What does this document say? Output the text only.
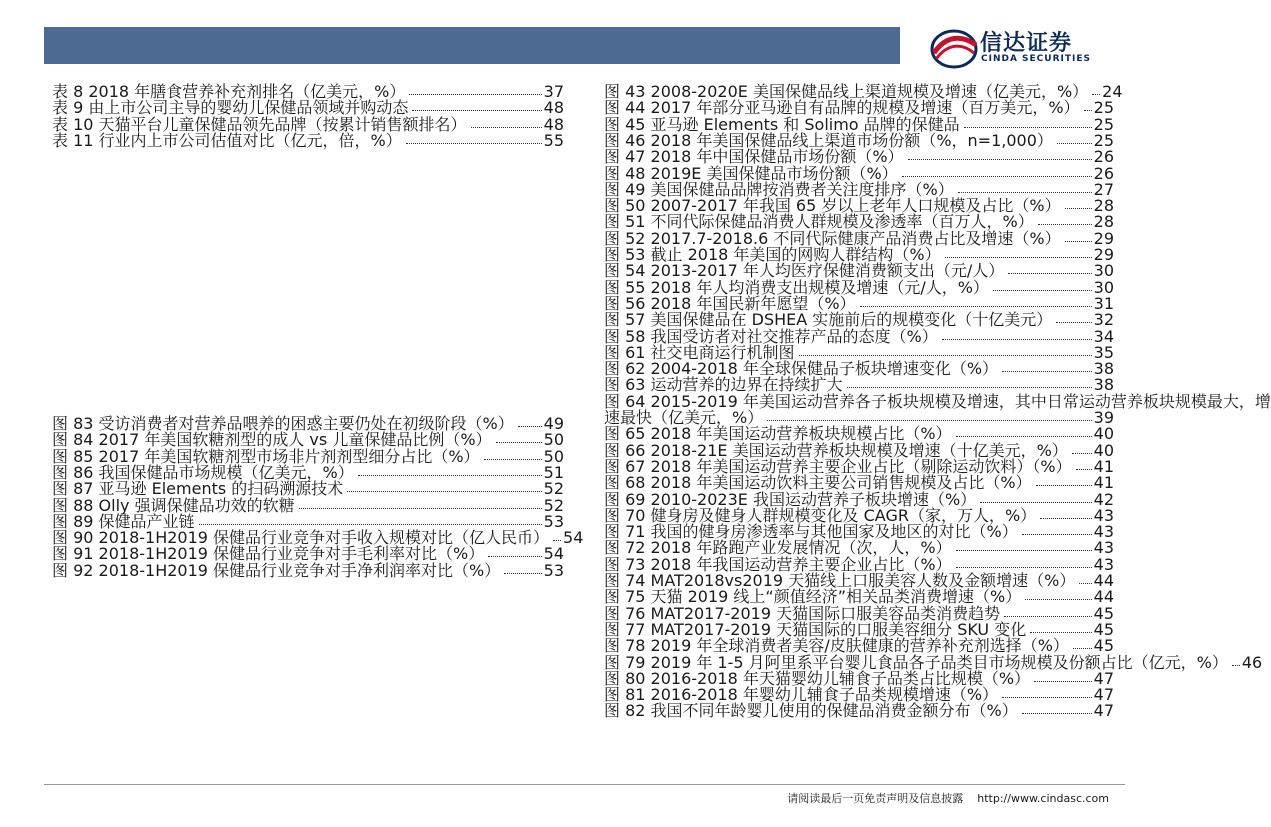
信达证券
CINDA SECURITIES
表 8 2018 年膳食营养补充剂排名（亿美元，%）	37
表 9 由上市公司主导的婴幼儿保健品领域并购动态	48
表 10 天猫平台儿童保健品领先品牌（按累计销售额排名）	48
表 11 行业内上市公司估值对比（亿元，倍，%）	55
图 83 受访消费者对营养品喂养的困惑主要仍处在初级阶段（%） 49
图 84 2017 年美国软糖剂型的成人 vs 儿童保健品比例（%）	50
图 85 2017 年美国软糖剂型市场非片剂剂型细分占比（%）	50
图 86 我国保健品市场规模（亿美元，%）	51
图 87 亚马逊 Elements 的扫码溯源技术	52
图 88 Olly 强调保健品功效的软糖	52
图 89 保健品产业链	53
图 90 2018-1H2019 保健品行业竞争对手收入规模对比（亿人民币） 54
图 91 2018-1H2019 保健品行业竞争对手毛利率对比（%）	54
图 92 2018-1H2019 保健品行业竞争对手净利润率对比（%）	53
图 43 2008-2020E 美国保健品线上渠道规模及增速（亿美元，%） 24
图 44 2017 年部分亚马逊自有品牌的规模及增速（百万美元，%） 25
图 45 亚马逊 Elements 和 Solimo 品牌的保健品	25
图 46 2018 年美国保健品线上渠道市场份额（%，n=1,000）	25
图 47 2018 年中国保健品市场份额（%）	26
图 48 2019E 美国保健品市场份额（%）	26
图 49 美国保健品品牌按消费者关注度排序（%）	27
图 50 2007-2017 年我国 65 岁以上老年人口规模及占比（%） 28
图 51 不同代际保健品消费人群规模及渗透率（百万人，%）	28
图 52 2017.7-2018.6 不同代际健康产品消费占比及增速（%） 29
图 53 截止 2018 年美国的网购人群结构（%）	29
图 54 2013-2017 年人均医疗保健消费额支出（元/人）	30
图 55 2018 年人均消费支出规模及增速（元/人，%）	30
图 56 2018 年国民新年愿望（%）	31
图 57 美国保健品在 DSHEA 实施前后的规模变化（十亿美元）	32
图 58 我国受访者对社交推荐产品的态度（%）	34
图 61 社交电商运行机制图	35
图 62 2004-2018 年全球保健品子板块增速变化（%）	38
图 63 运动营养的边界在持续扩大	38
图 64 2015-2019 年美国运动营养各子板块规模及增速，其中日常运动营养板块规模最大，增
速最快（亿美元，%）	39
图 65 2018 年美国运动营养板块规模占比（%）	40
图 66 2018-21E 美国运动营养板块规模及增速（十亿美元，%） 40
图 67 2018 年美国运动营养主要企业占比（剔除运动饮料）（%） 41
图 68 2018 年美国运动饮料主要公司销售规模及占比（%）	41
图 69 2010-2023E 我国运动营养子板块增速（%）	42
图 70 健身房及健身人群规模变化及 CAGR（家，万人，%）	43
图 71 我国的健身房渗透率与其他国家及地区的对比（%）	43
图 72 2018 年路跑产业发展情况（次，人，%）	43
图 73 2018 年我国运动营养主要企业占比（%）	43
图 74 MAT2018vs2019 天猫线上口服美容人数及金额增速（%） 44
图 75 天猫 2019 线上“颜值经济”相关品类消费增速（%）	44
图 76 MAT2017-2019 天猫国际口服美容品类消费趋势	45
图 77 MAT2017-2019 天猫国际的口服美容细分 SKU 变化	45
图 78 2019 年全球消费者美容/皮肤健康的营养补充剂选择（%） 45
图 79 2019 年 1-5 月阿里系平台婴儿食品各子品类目市场规模及份额占比（亿元，%） 46
图 80 2016-2018 年天猫婴幼儿辅食子品类占比规模（%）	47
图 81 2016-2018 年婴幼儿辅食子品类规模增速（%）	47
图 82 我国不同年龄婴儿使用的保健品消费金额分布（%）	47
请阅读最后一页免责声明及信息披露 http://www.cindasc.com
